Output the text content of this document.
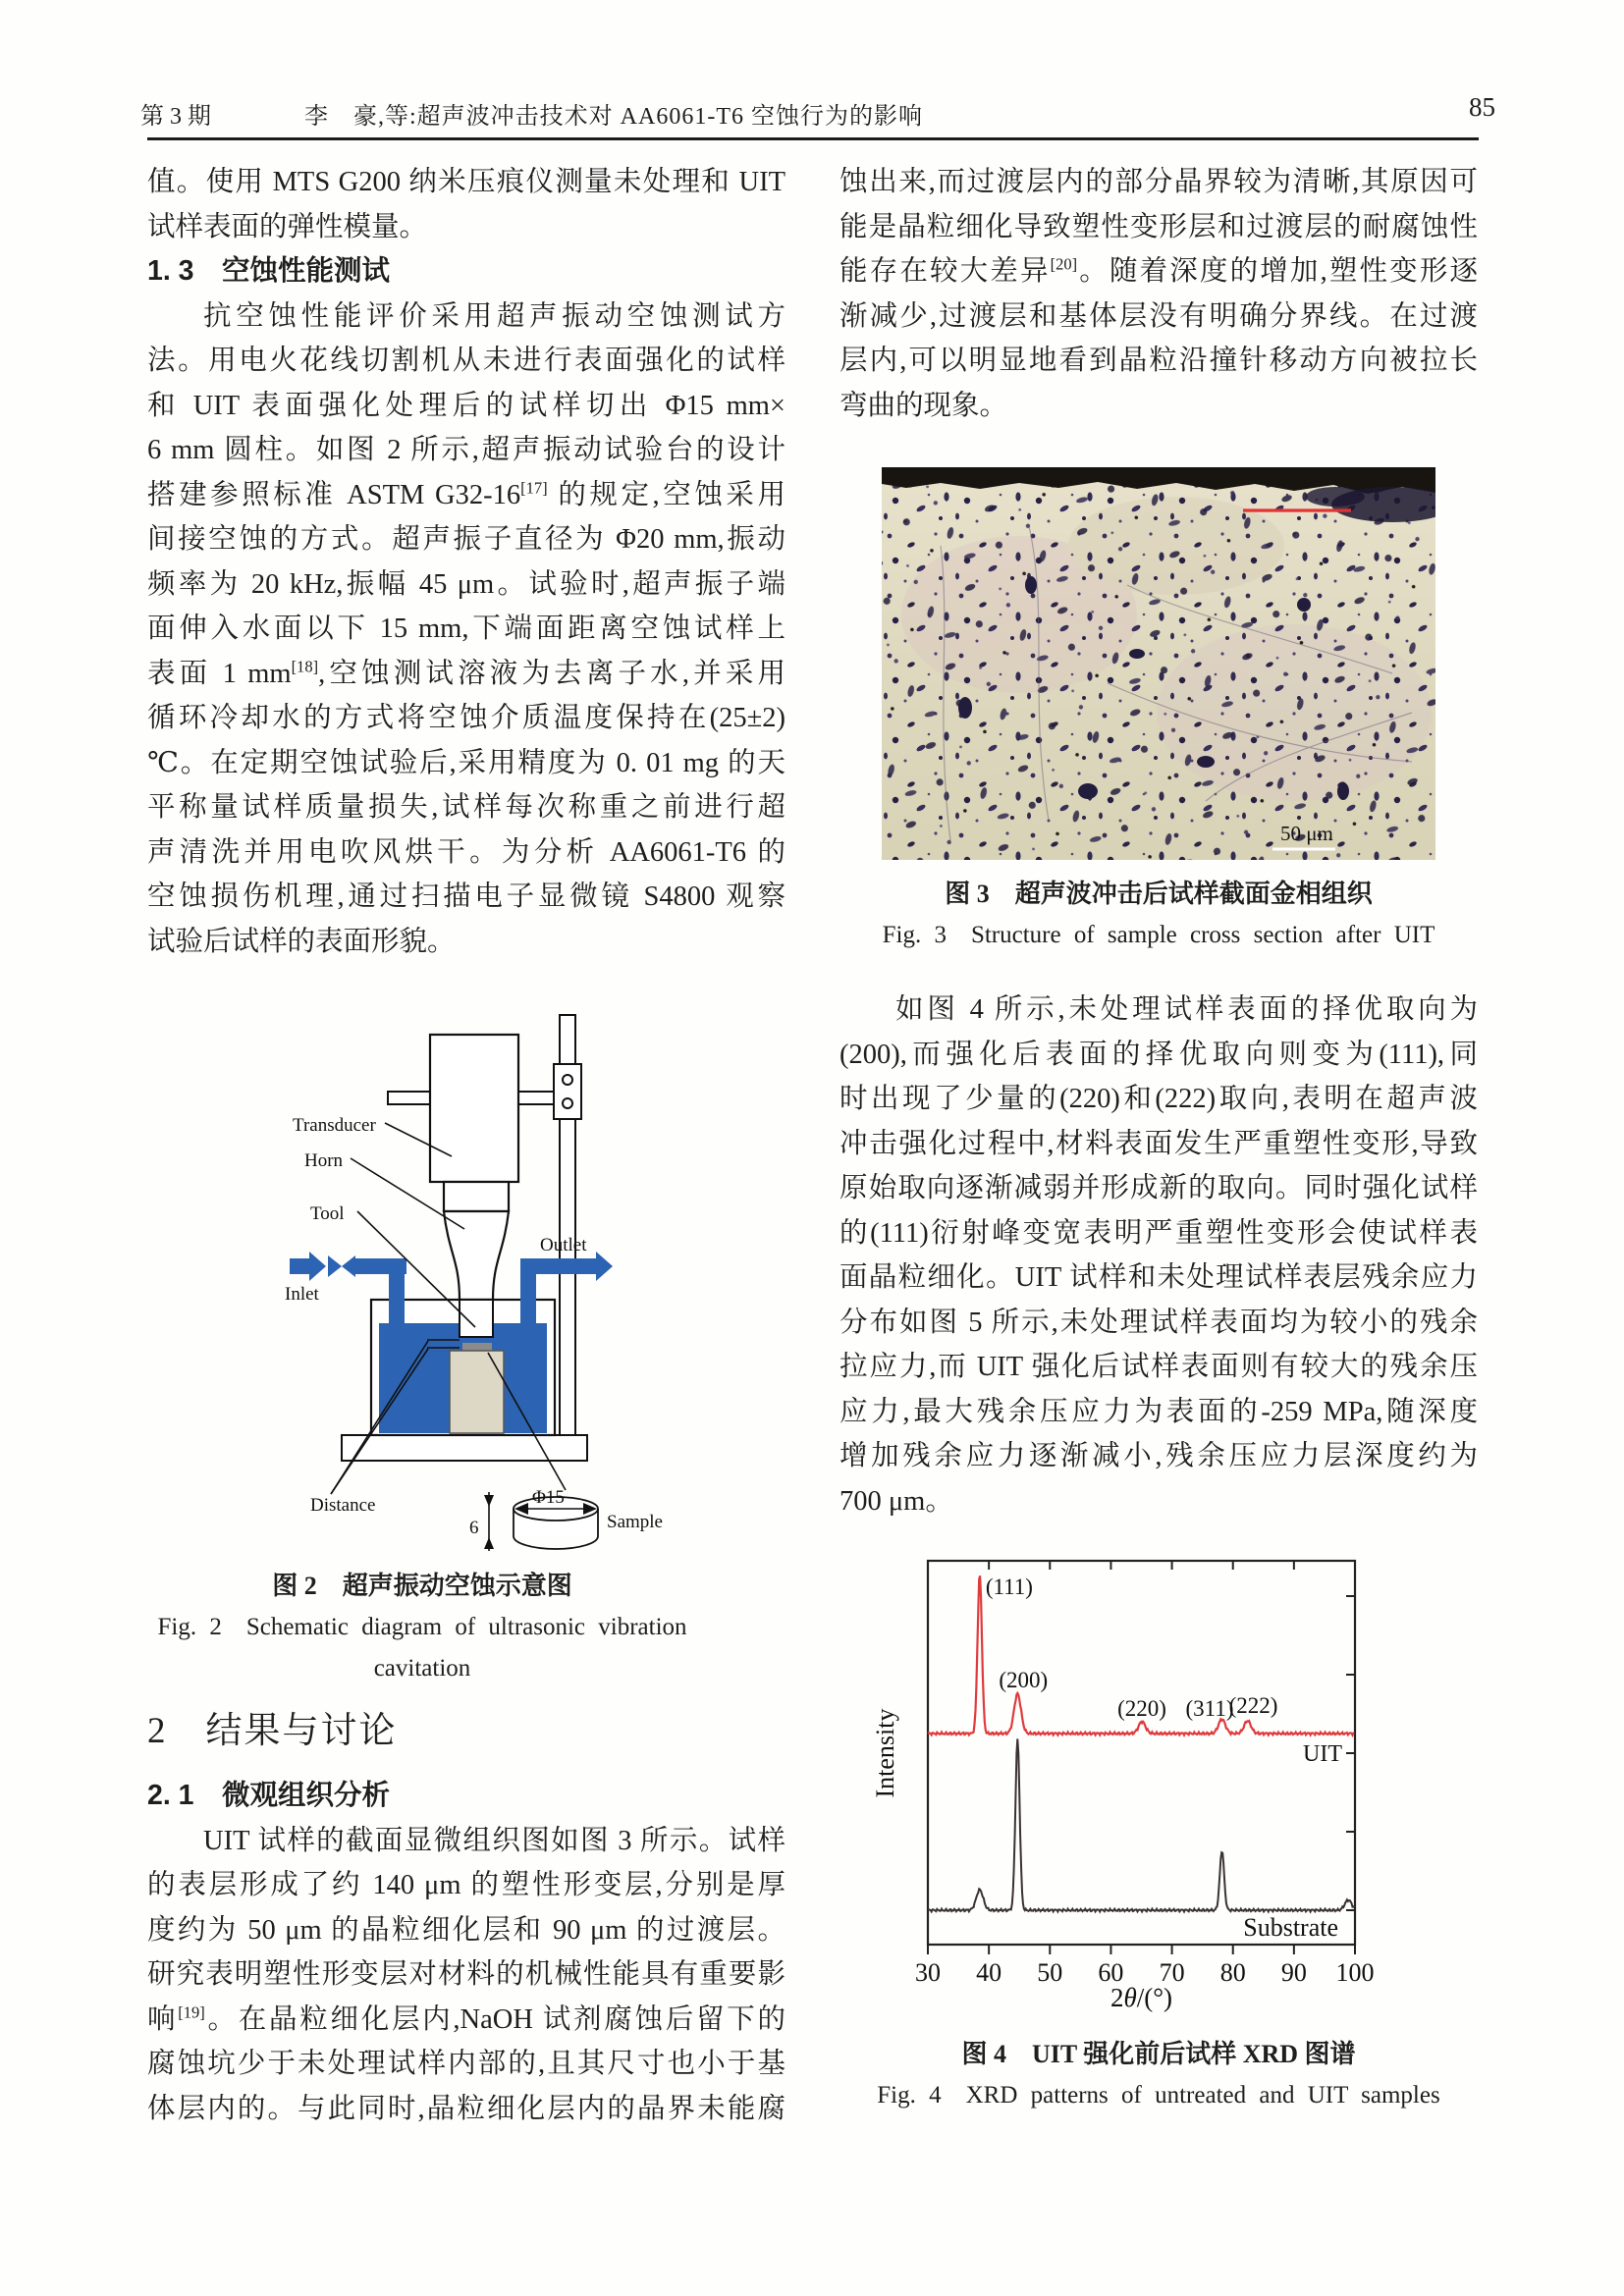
第 3 期	李　豪,等:超声波冲击技术对 AA6061-T6 空蚀行为的影响	85
值。使用 MTS G200 纳米压痕仪测量未处理和 UIT
试样表面的弹性模量。
1. 3　空蚀性能测试
抗空蚀性能评价采用超声振动空蚀测试方
法。用电火花线切割机从未进行表面强化的试样
和 UIT 表面强化处理后的试样切出 Φ15 mm×
6 mm 圆柱。如图 2 所示,超声振动试验台的设计
搭建参照标准 ASTM G32-16[17] 的规定,空蚀采用
间接空蚀的方式。超声振子直径为 Φ20 mm,振动
频率为 20 kHz,振幅 45 μm。试验时,超声振子端
面伸入水面以下 15 mm,下端面距离空蚀试样上
表面 1 mm[18],空蚀测试溶液为去离子水,并采用
循环冷却水的方式将空蚀介质温度保持在(25±2)
℃。在定期空蚀试验后,采用精度为 0. 01 mg 的天
平称量试样质量损失,试样每次称重之前进行超
声清洗并用电吹风烘干。为分析 AA6061-T6 的
空蚀损伤机理,通过扫描电子显微镜 S4800 观察
试验后试样的表面形貌。
Transducer
Horn
Tool
Inlet
Outlet
Distance
Sample
Φ15
6
图 2　超声振动空蚀示意图
Fig. 2　Schematic diagram of ultrasonic vibration cavitation
2　结果与讨论
2. 1　微观组织分析
UIT 试样的截面显微组织图如图 3 所示。试样
的表层形成了约 140 μm 的塑性形变层,分别是厚
度约为 50 μm 的晶粒细化层和 90 μm 的过渡层。
研究表明塑性形变层对材料的机械性能具有重要影
响[19]。在晶粒细化层内,NaOH 试剂腐蚀后留下的
腐蚀坑少于未处理试样内部的,且其尺寸也小于基
体层内的。与此同时,晶粒细化层内的晶界未能腐
蚀出来,而过渡层内的部分晶界较为清晰,其原因可
能是晶粒细化导致塑性变形层和过渡层的耐腐蚀性
能存在较大差异[20]。随着深度的增加,塑性变形逐
渐减少,过渡层和基体层没有明确分界线。在过渡
层内,可以明显地看到晶粒沿撞针移动方向被拉长
弯曲的现象。
50 μm
图 3　超声波冲击后试样截面金相组织
Fig. 3　Structure of sample cross section after UIT
如图 4 所示,未处理试样表面的择优取向为
(200),而强化后表面的择优取向则变为(111),同
时出现了少量的(220)和(222)取向,表明在超声波
冲击强化过程中,材料表面发生严重塑性变形,导致
原始取向逐渐减弱并形成新的取向。同时强化试样
的(111)衍射峰变宽表明严重塑性变形会使试样表
面晶粒细化。UIT 试样和未处理试样表层残余应力
分布如图 5 所示,未处理试样表面均为较小的残余
拉应力,而 UIT 强化后试样表面则有较大的残余压
应力,最大残余压应力为表面的-259 MPa,随深度
增加残余应力逐渐减小,残余压应力层深度约为
700 μm。
Intensity
30 40 50 60 70 80 90 100
2θ/(°)
UIT
Substrate
(111)
(200)
(220) (311)
(222)
图 4　UIT 强化前后试样 XRD 图谱
Fig. 4　XRD patterns of untreated and UIT samples
